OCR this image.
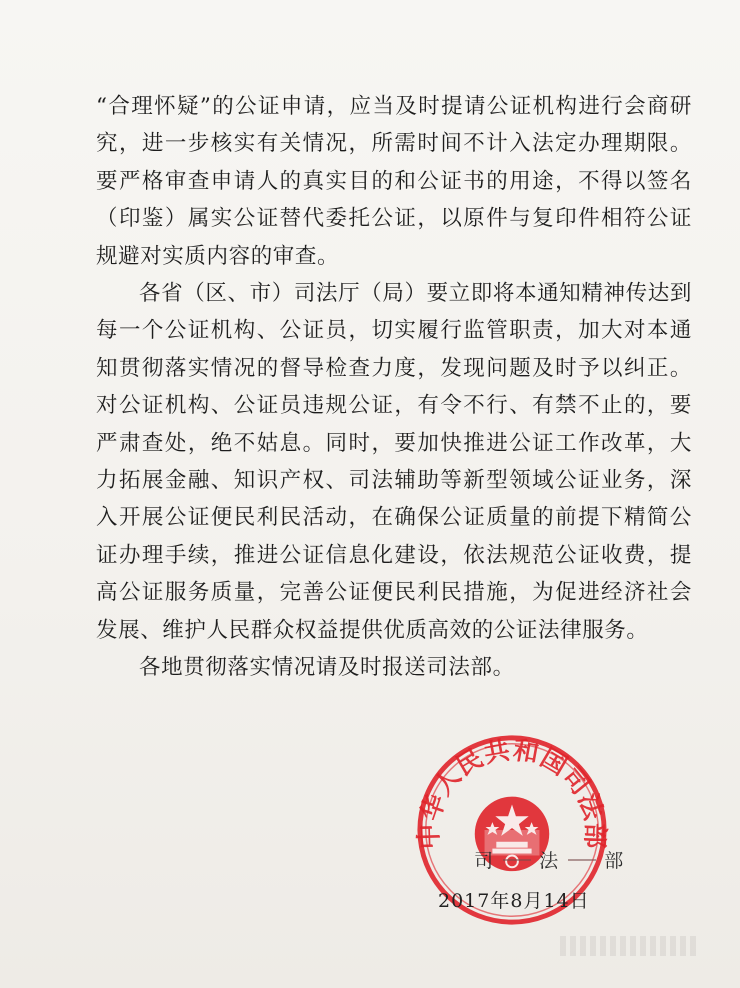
“合理怀疑”的公证申请，应当及时提请公证机构进行会商研究，进一步核实有关情况，所需时间不计入法定办理期限。要严格审查申请人的真实目的和公证书的用途，不得以签名（印鉴）属实公证替代委托公证，以原件与复印件相符公证规避对实质内容的审查。

各省（区、市）司法厅（局）要立即将本通知精神传达到每一个公证机构、公证员，切实履行监管职责，加大对本通知贯彻落实情况的督导检查力度，发现问题及时予以纠正。对公证机构、公证员违规公证，有令不行、有禁不止的，要严肃查处，绝不姑息。同时，要加快推进公证工作改革，大力拓展金融、知识产权、司法辅助等新型领域公证业务，深入开展公证便民利民活动，在确保公证质量的前提下精简公证办理手续，推进公证信息化建设，依法规范公证收费，提高公证服务质量，完善公证便民利民措施，为促进经济社会发展、维护人民群众权益提供优质高效的公证法律服务。

各地贯彻落实情况请及时报送司法部。

中华人民共和国司法部
司 法 部
2017年8月14日
